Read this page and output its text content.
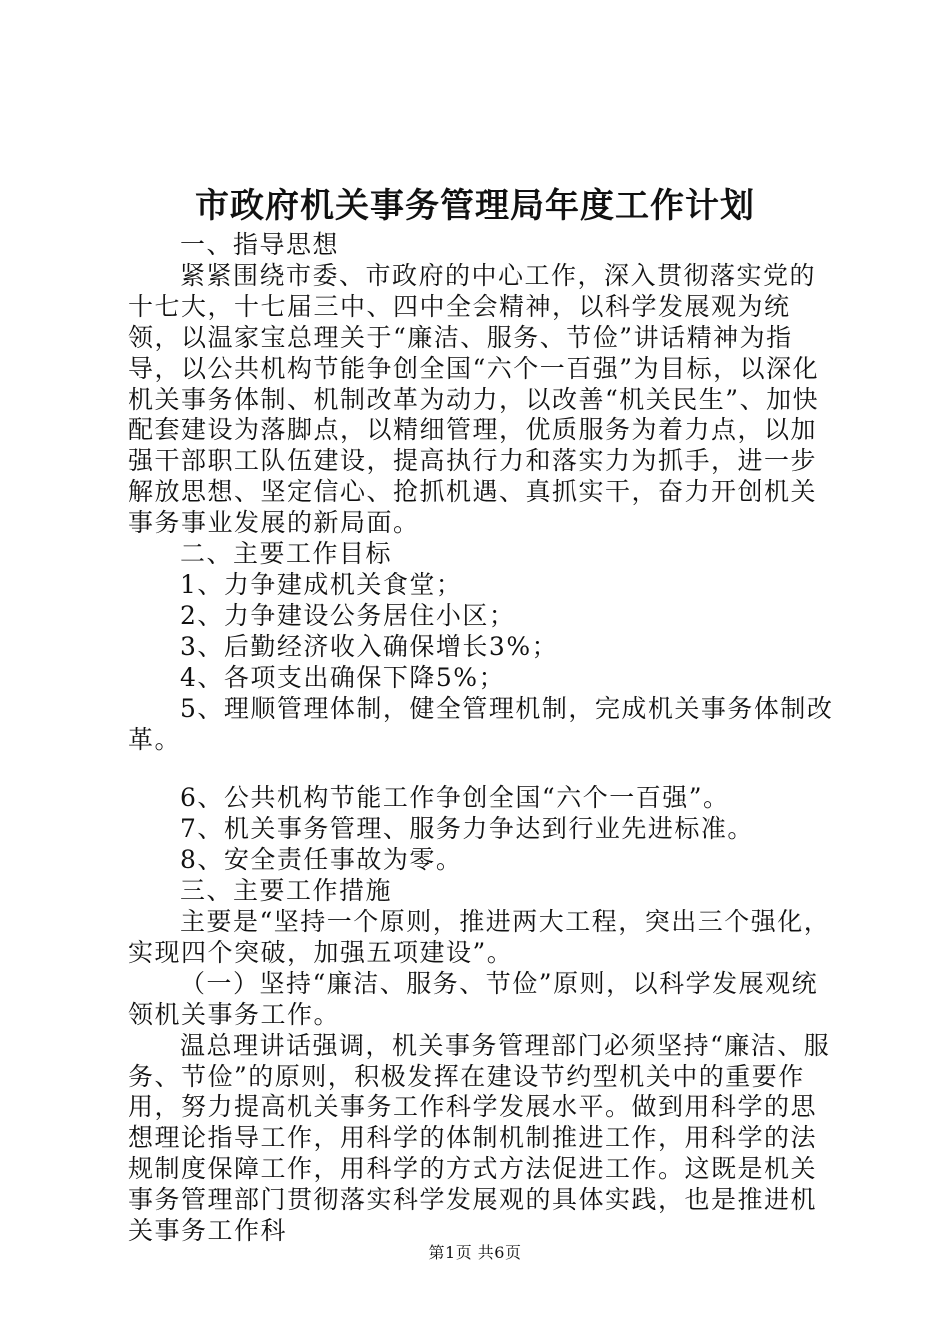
市政府机关事务管理局年度工作计划

一、指导思想

紧紧围绕市委、市政府的中心工作，深入贯彻落实党的十七大，十七届三中、四中全会精神，以科学发展观为统领，以温家宝总理关于“廉洁、服务、节俭”讲话精神为指导，以公共机构节能争创全国“六个一百强”为目标，以深化机关事务体制、机制改革为动力，以改善“机关民生”、加快配套建设为落脚点，以精细管理，优质服务为着力点，以加强干部职工队伍建设，提高执行力和落实力为抓手，进一步解放思想、坚定信心、抢抓机遇、真抓实干，奋力开创机关事务事业发展的新局面。

二、主要工作目标

1、力争建成机关食堂；

2、力争建设公务居住小区；

3、后勤经济收入确保增长3%；

4、各项支出确保下降5%；

5、理顺管理体制，健全管理机制，完成机关事务体制改革。

6、公共机构节能工作争创全国“六个一百强”。

7、机关事务管理、服务力争达到行业先进标准。

8、安全责任事故为零。

三、主要工作措施

主要是“坚持一个原则，推进两大工程，突出三个强化，实现四个突破，加强五项建设”。

（一）坚持“廉洁、服务、节俭”原则，以科学发展观统领机关事务工作。

温总理讲话强调，机关事务管理部门必须坚持“廉洁、服务、节俭”的原则，积极发挥在建设节约型机关中的重要作用，努力提高机关事务工作科学发展水平。做到用科学的思想理论指导工作，用科学的体制机制推进工作，用科学的法规制度保障工作，用科学的方式方法促进工作。这既是机关事务管理部门贯彻落实科学发展观的具体实践，也是推进机关事务工作科

第1页 共6页
